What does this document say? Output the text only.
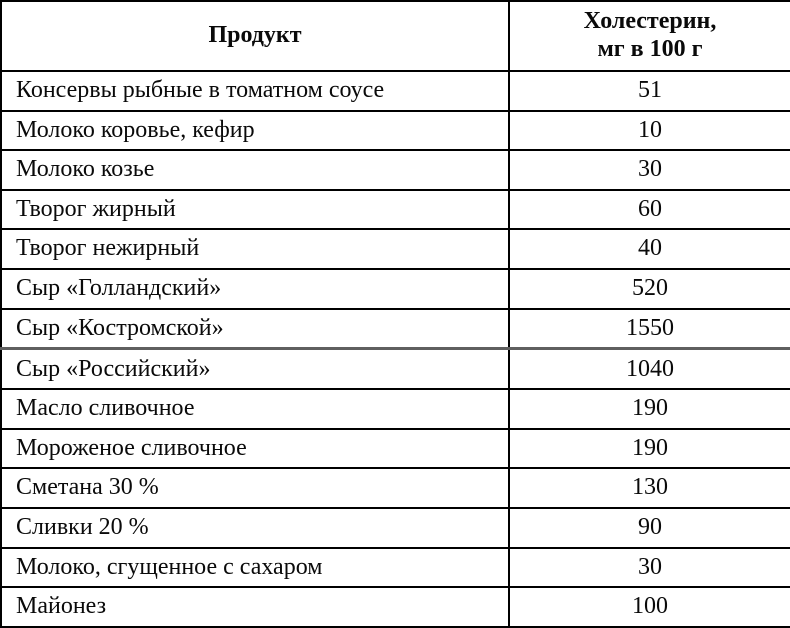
Продукт	Холестерин,
мг в 100 г

Консервы рыбные в томатном соусе	51
Молоко коровье, кефир	10
Молоко козье	30
Творог жирный	60
Творог нежирный	40
Сыр «Голландский»	520
Сыр «Костромской»	1550
Сыр «Российский»	1040
Масло сливочное	190
Мороженое сливочное	190
Сметана 30 %	130
Сливки 20 %	90
Молоко, сгущенное с сахаром	30
Майонез	100
